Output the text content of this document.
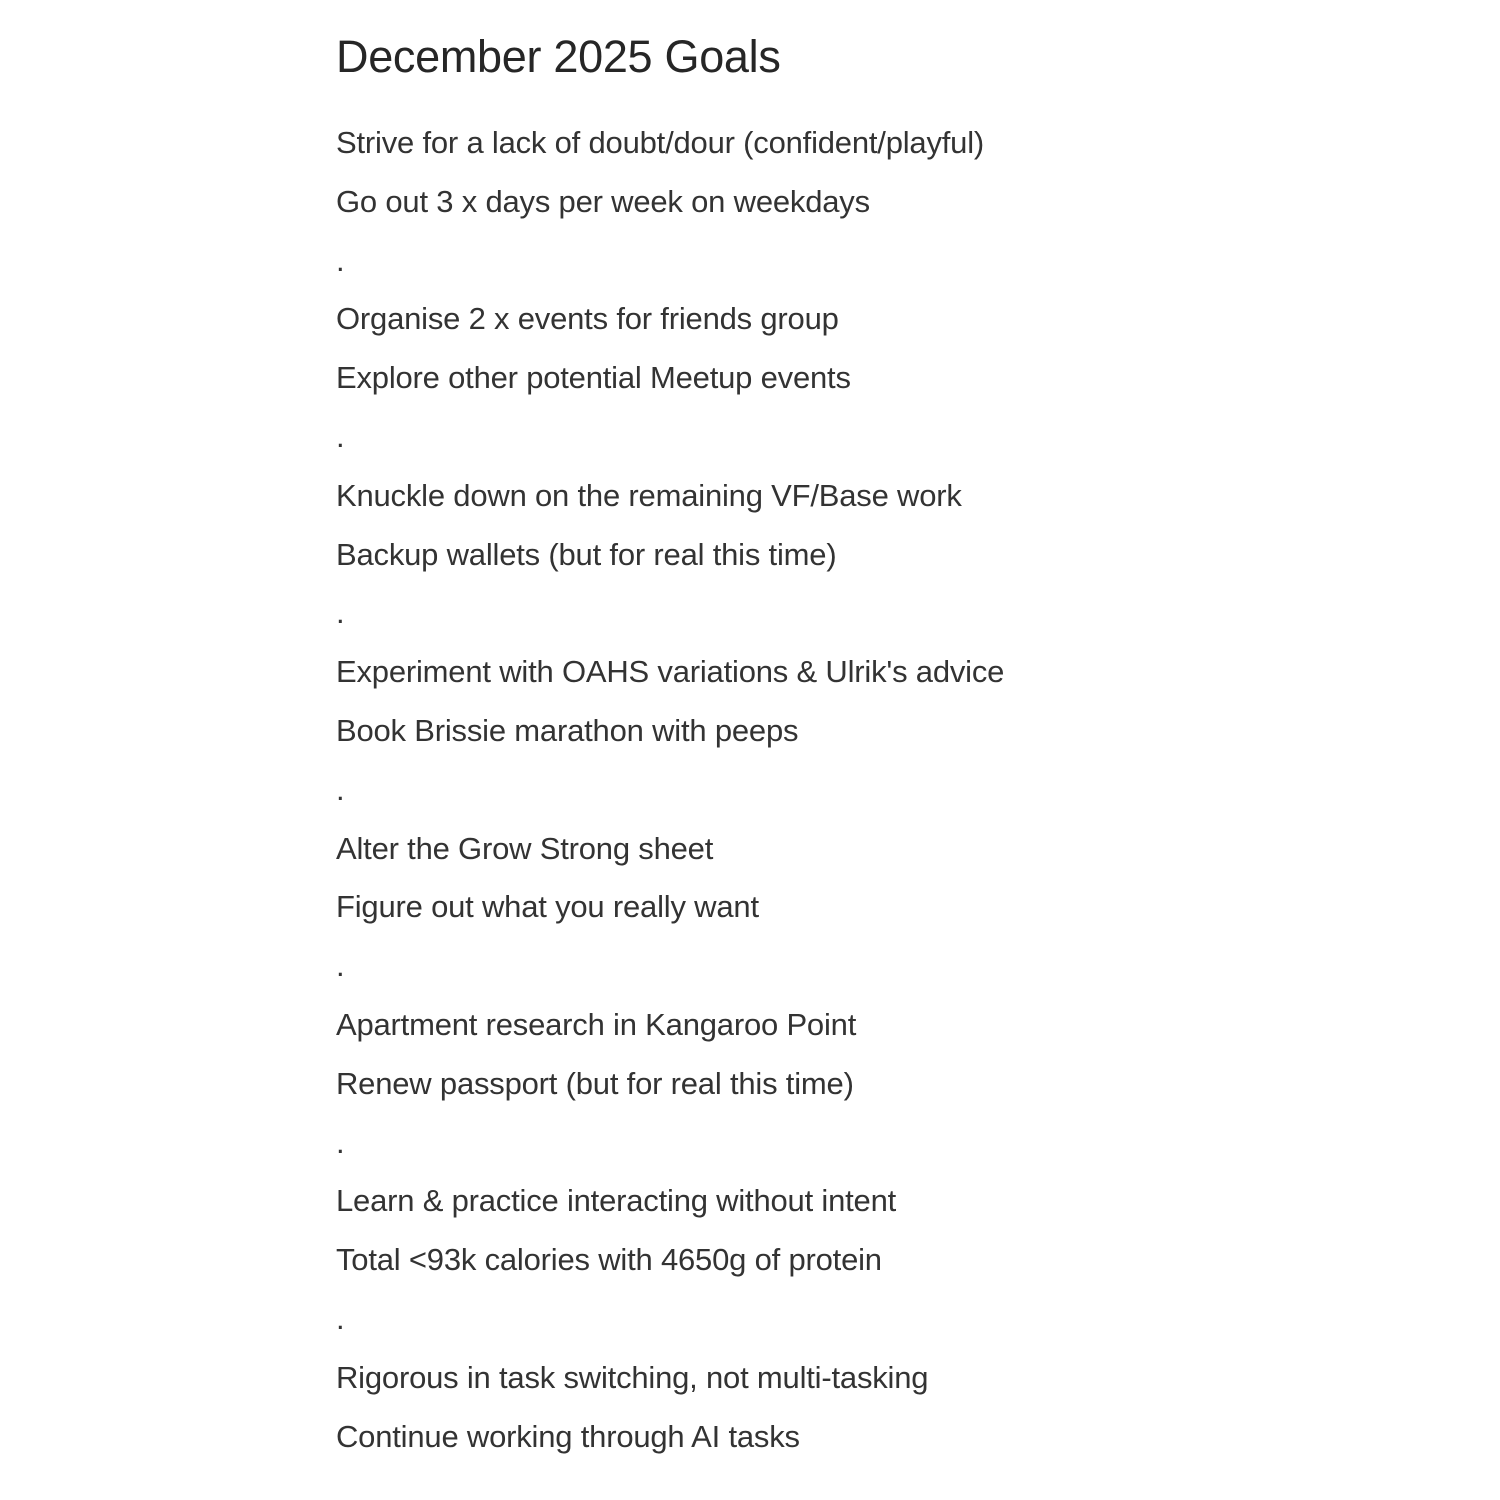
December 2025 Goals
Strive for a lack of doubt/dour (confident/playful)
Go out 3 x days per week on weekdays
.
Organise 2 x events for friends group
Explore other potential Meetup events
.
Knuckle down on the remaining VF/Base work
Backup wallets (but for real this time)
.
Experiment with OAHS variations & Ulrik's advice
Book Brissie marathon with peeps
.
Alter the Grow Strong sheet
Figure out what you really want
.
Apartment research in Kangaroo Point
Renew passport (but for real this time)
.
Learn & practice interacting without intent
Total <93k calories with 4650g of protein
.
Rigorous in task switching, not multi-tasking
Continue working through AI tasks
